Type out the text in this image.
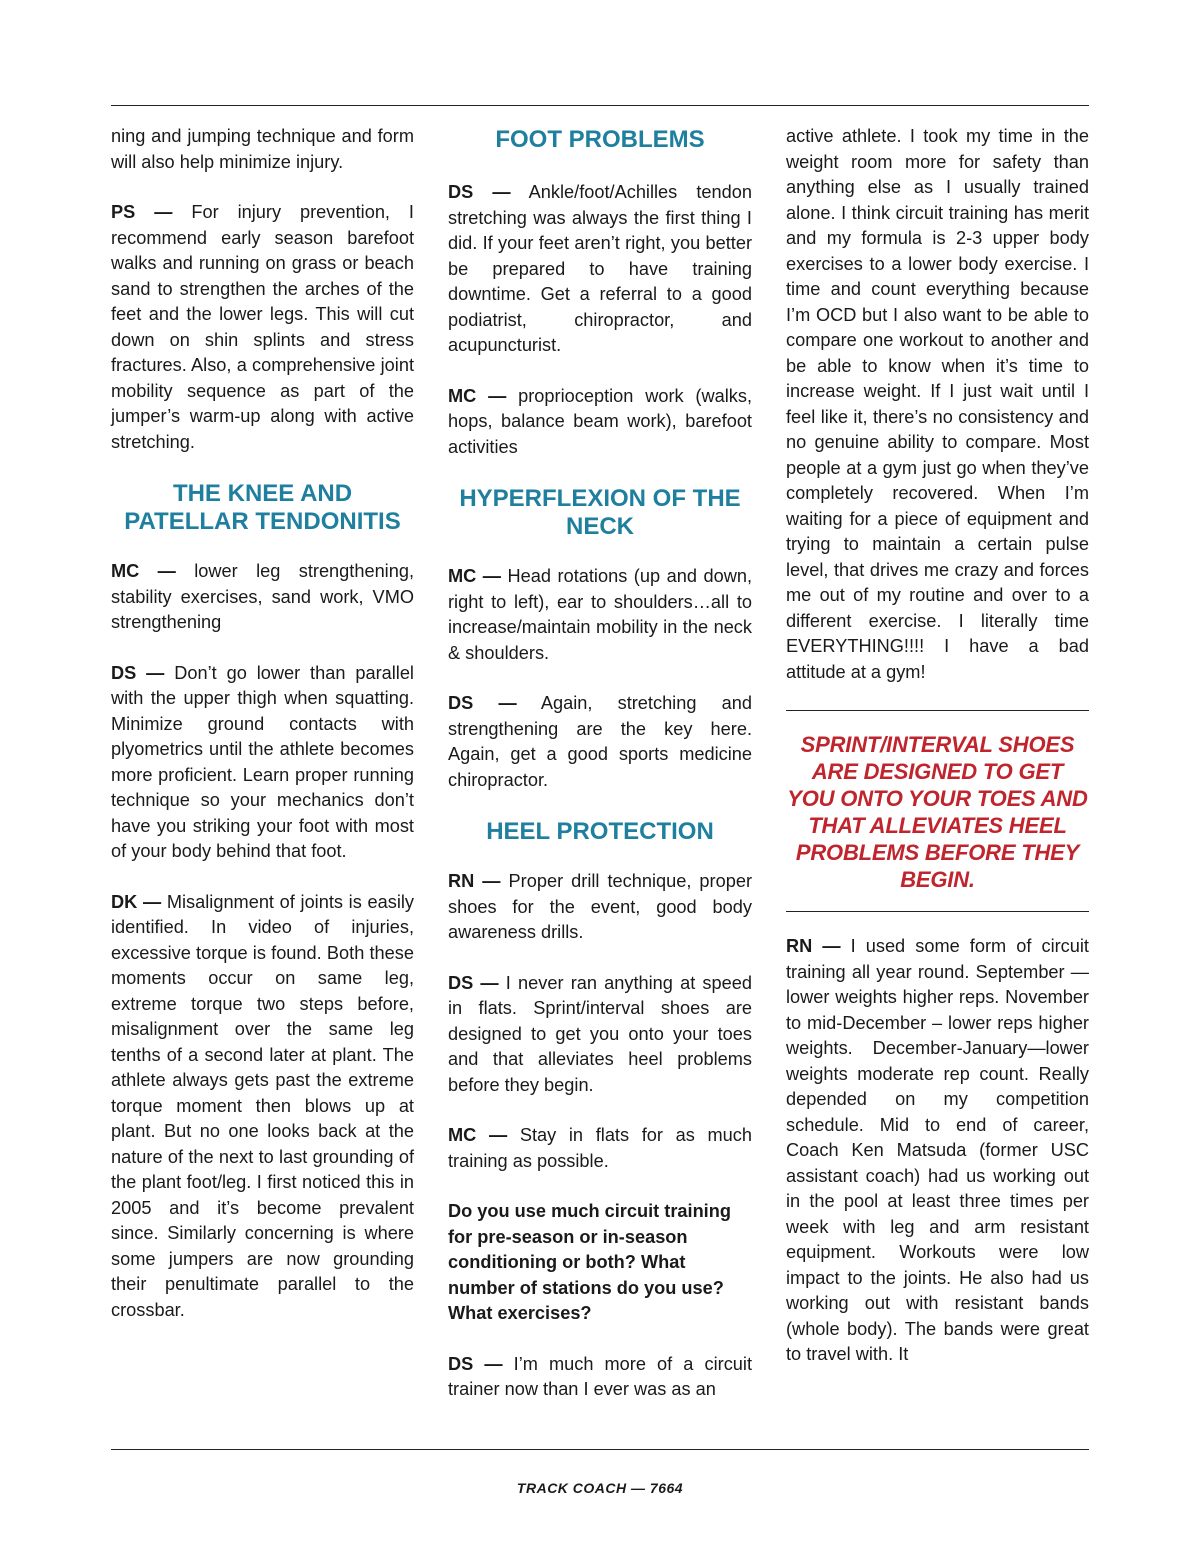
ning and jumping technique and form will also help minimize injury.

PS — For injury prevention, I recommend early season barefoot walks and running on grass or beach sand to strengthen the arches of the feet and the lower legs. This will cut down on shin splints and stress fractures. Also, a comprehensive joint mobility sequence as part of the jumper’s warm-up along with active stretching.

THE KNEE AND PATELLAR TENDONITIS

MC — lower leg strengthening, stability exercises, sand work, VMO strengthening

DS — Don’t go lower than parallel with the upper thigh when squatting. Minimize ground contacts with plyometrics until the athlete becomes more proficient. Learn proper running technique so your mechanics don’t have you striking your foot with most of your body behind that foot.

DK — Misalignment of joints is easily identified. In video of injuries, excessive torque is found. Both these moments occur on same leg, extreme torque two steps before, misalignment over the same leg tenths of a second later at plant. The athlete always gets past the extreme torque moment then blows up at plant. But no one looks back at the nature of the next to last grounding of the plant foot/leg. I first noticed this in 2005 and it’s become prevalent since. Similarly concerning is where some jumpers are now grounding their penultimate parallel to the crossbar.

FOOT PROBLEMS

DS — Ankle/foot/Achilles tendon stretching was always the first thing I did. If your feet aren’t right, you better be prepared to have training downtime. Get a referral to a good podiatrist, chiropractor, and acupuncturist.

MC — proprioception work (walks, hops, balance beam work), barefoot activities

HYPERFLEXION OF THE NECK

MC — Head rotations (up and down, right to left), ear to shoulders…all to increase/maintain mobility in the neck & shoulders.

DS — Again, stretching and strengthening are the key here. Again, get a good sports medicine chiropractor.

HEEL PROTECTION

RN — Proper drill technique, proper shoes for the event, good body awareness drills.

DS — I never ran anything at speed in flats. Sprint/interval shoes are designed to get you onto your toes and that alleviates heel problems before they begin.

MC — Stay in flats for as much training as possible.

Do you use much circuit training for pre-season or in-season conditioning or both? What number of stations do you use? What exercises?

DS — I’m much more of a circuit trainer now than I ever was as an

active athlete. I took my time in the weight room more for safety than anything else as I usually trained alone. I think circuit training has merit and my formula is 2-3 upper body exercises to a lower body exercise. I time and count everything because I’m OCD but I also want to be able to compare one workout to another and be able to know when it’s time to increase weight. If I just wait until I feel like it, there’s no consistency and no genuine ability to compare. Most people at a gym just go when they’ve completely recovered. When I’m waiting for a piece of equipment and trying to maintain a certain pulse level, that drives me crazy and forces me out of my routine and over to a different exercise. I literally time EVERYTHING!!!! I have a bad attitude at a gym!

SPRINT/INTERVAL SHOES ARE DESIGNED TO GET YOU ONTO YOUR TOES AND THAT ALLEVIATES HEEL PROBLEMS BEFORE THEY BEGIN.

RN — I used some form of circuit training all year round. September — lower weights higher reps. November to mid-December – lower reps higher weights. December-January—lower weights moderate rep count. Really depended on my competition schedule. Mid to end of career, Coach Ken Matsuda (former USC assistant coach) had us working out in the pool at least three times per week with leg and arm resistant equipment. Workouts were low impact to the joints. He also had us working out with resistant bands (whole body). The bands were great to travel with. It

TRACK COACH — 7664
